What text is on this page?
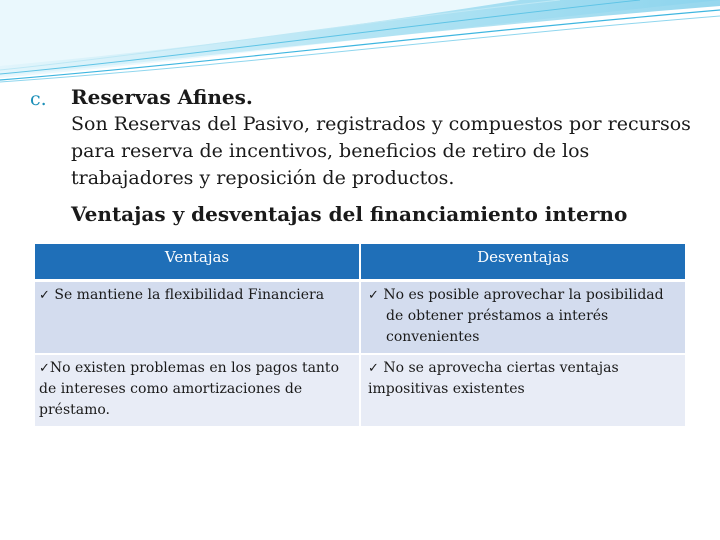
c. Reservas Afines.
Son Reservas del Pasivo, registrados y compuestos por recursos para reserva de incentivos, beneficios de retiro de los trabajadores y reposición de productos.
Ventajas y desventajas del financiamiento interno
Ventajas	Desventajas
✓ Se mantiene la flexibilidad Financiera	✓ No es posible aprovechar la posibilidad de obtener préstamos a interés convenientes

✓No existen problemas en los pagos tanto de intereses como amortizaciones de préstamo.	✓ No se aprovecha ciertas ventajas impositivas existentes
